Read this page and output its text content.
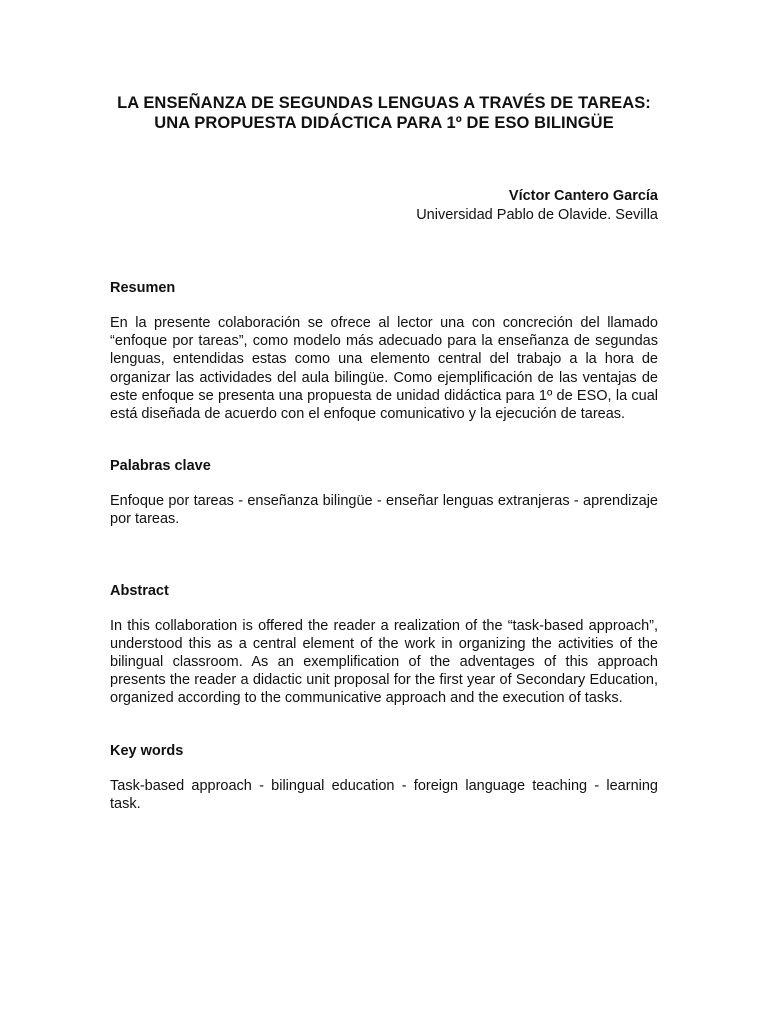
LA ENSEÑANZA DE SEGUNDAS LENGUAS A TRAVÉS DE TAREAS: UNA PROPUESTA DIDÁCTICA PARA 1º DE ESO BILINGÜE
Víctor Cantero García
Universidad Pablo de Olavide. Sevilla
Resumen

En la presente colaboración se ofrece al lector una con concreción del llamado “enfoque por tareas”, como modelo más adecuado para la enseñanza de segundas lenguas, entendidas estas como una elemento central del trabajo a la hora de organizar las actividades del aula bilingüe. Como ejemplificación de las ventajas de este enfoque se presenta una propuesta de unidad didáctica para 1º de ESO, la cual está diseñada de acuerdo con el enfoque comunicativo y la ejecución de tareas.

Palabras clave

Enfoque por tareas - enseñanza bilingüe - enseñar lenguas extranjeras - aprendizaje por tareas.

Abstract

In this collaboration is offered the reader a realization of the “task-based approach”, understood this as a central element of the work in organizing the activities of the bilingual classroom. As an exemplification of the adventages of this approach presents the reader a didactic unit proposal for the first year of Secondary Education, organized according to the communicative approach and the execution of tasks.

Key words

Task-based approach - bilingual education - foreign language teaching - learning task.
